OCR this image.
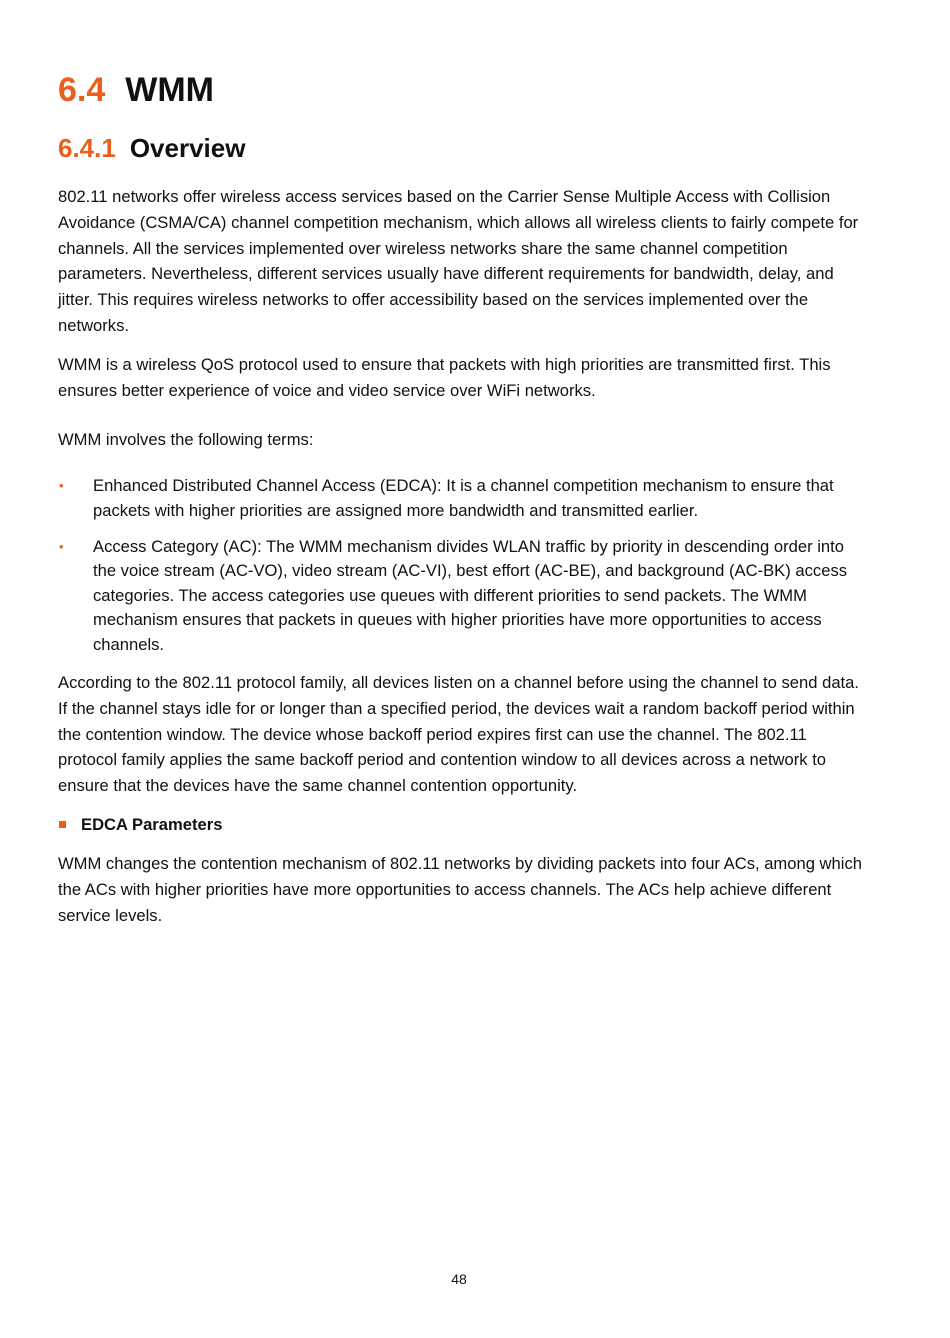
6.4 WMM
6.4.1 Overview

802.11 networks offer wireless access services based on the Carrier Sense Multiple Access with Collision Avoidance (CSMA/CA) channel competition mechanism, which allows all wireless clients to fairly compete for channels. All the services implemented over wireless networks share the same channel competition parameters. Nevertheless, different services usually have different requirements for bandwidth, delay, and jitter. This requires wireless networks to offer accessibility based on the services implemented over the networks.

WMM is a wireless QoS protocol used to ensure that packets with high priorities are transmitted first. This ensures better experience of voice and video service over WiFi networks.

WMM involves the following terms:

• Enhanced Distributed Channel Access (EDCA): It is a channel competition mechanism to ensure that packets with higher priorities are assigned more bandwidth and transmitted earlier.
• Access Category (AC): The WMM mechanism divides WLAN traffic by priority in descending order into the voice stream (AC-VO), video stream (AC-VI), best effort (AC-BE), and background (AC-BK) access categories. The access categories use queues with different priorities to send packets. The WMM mechanism ensures that packets in queues with higher priorities have more opportunities to access channels.

According to the 802.11 protocol family, all devices listen on a channel before using the channel to send data. If the channel stays idle for or longer than a specified period, the devices wait a random backoff period within the contention window. The device whose backoff period expires first can use the channel. The 802.11 protocol family applies the same backoff period and contention window to all devices across a network to ensure that the devices have the same channel contention opportunity.

EDCA Parameters

WMM changes the contention mechanism of 802.11 networks by dividing packets into four ACs, among which the ACs with higher priorities have more opportunities to access channels. The ACs help achieve different service levels.

48
